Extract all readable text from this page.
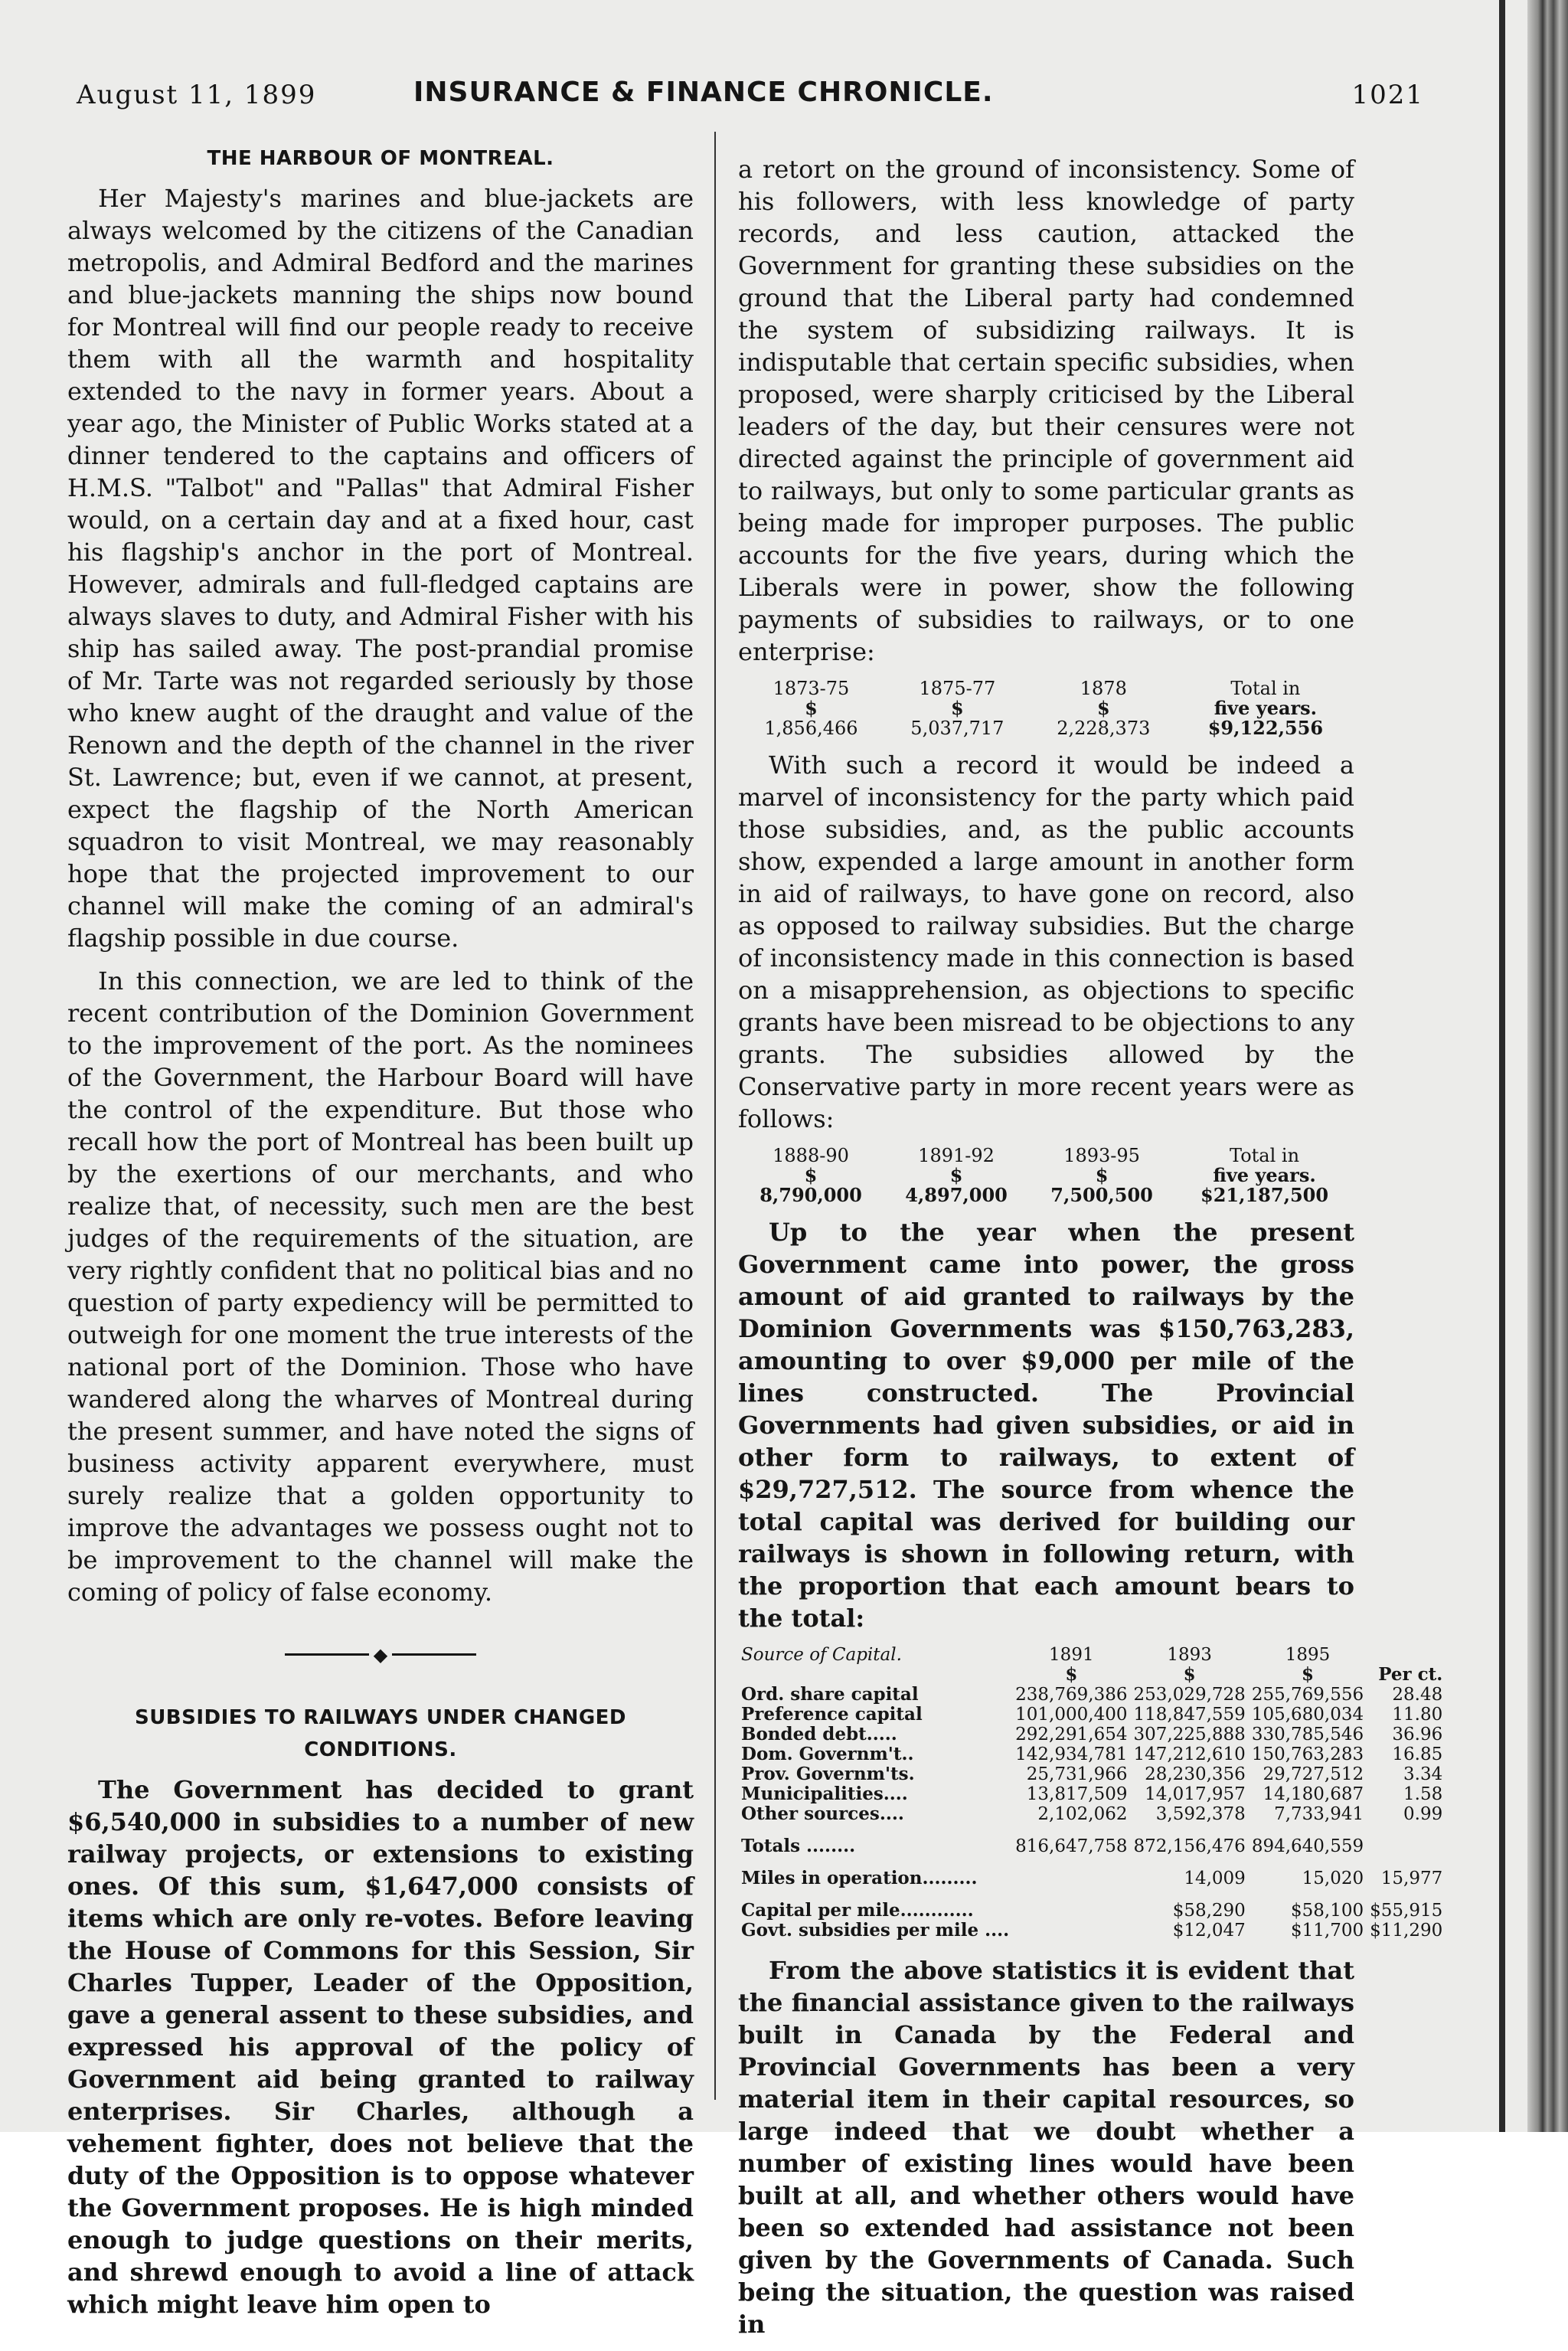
August 11, 1899	INSURANCE & FINANCE CHRONICLE.	1021
THE HARBOUR OF MONTREAL.

Her Majesty's marines and blue-jackets are always welcomed by the citizens of the Canadian metropolis, and Admiral Bedford and the marines and blue-jackets manning the ships now bound for Montreal will find our people ready to receive them with all the warmth and hospitality extended to the navy in former years. About a year ago, the Minister of Public Works stated at a dinner tendered to the captains and officers of H.M.S. "Talbot" and "Pallas" that Admiral Fisher would, on a certain day and at a fixed hour, cast his flagship's anchor in the port of Montreal. However, admirals and full-fledged captains are always slaves to duty, and Admiral Fisher with his ship has sailed away. The post-prandial promise of Mr. Tarte was not regarded seriously by those who knew aught of the draught and value of the Renown and the depth of the channel in the river St. Lawrence; but, even if we cannot, at present, expect the flagship of the North American squadron to visit Montreal, we may reasonably hope that the projected improvement to our channel will make the coming of an admiral's flagship possible in due course.

In this connection, we are led to think of the recent contribution of the Dominion Government to the improvement of the port. As the nominees of the Government, the Harbour Board will have the control of the expenditure. But those who recall how the port of Montreal has been built up by the exertions of our merchants, and who realize that, of necessity, such men are the best judges of the requirements of the situation, are very rightly confident that no political bias and no question of party expediency will be permitted to outweigh for one moment the true interests of the national port of the Dominion. Those who have wandered along the wharves of Montreal during the present summer, and have noted the signs of business activity apparent everywhere, must surely realize that a golden opportunity to improve the advantages we possess ought not to be improvement to the channel will make the coming of policy of false economy.

◆
SUBSIDIES TO RAILWAYS UNDER CHANGED
CONDITIONS.

The Government has decided to grant $6,540,000 in subsidies to a number of new railway projects, or extensions to existing ones. Of this sum, $1,647,000 consists of items which are only re-votes. Before leaving the House of Commons for this Session, Sir Charles Tupper, Leader of the Opposition, gave a general assent to these subsidies, and expressed his approval of the policy of Government aid being granted to railway enterprises. Sir Charles, although a vehement fighter, does not believe that the duty of the Opposition is to oppose whatever the Government proposes. He is high minded enough to judge questions on their merits, and shrewd enough to avoid a line of attack which might leave him open to

a retort on the ground of inconsistency. Some of his followers, with less knowledge of party records, and less caution, attacked the Government for granting these subsidies on the ground that the Liberal party had condemned the system of subsidizing railways. It is indisputable that certain specific subsidies, when proposed, were sharply criticised by the Liberal leaders of the day, but their censures were not directed against the principle of government aid to railways, but only to some particular grants as being made for improper purposes. The public accounts for the five years, during which the Liberals were in power, show the following payments of subsidies to railways, or to one enterprise:

1873-75	1875-77	1878	Total in
$	$	$	five years.
1,856,466	5,037,717	2,228,373	$9,122,556

With such a record it would be indeed a marvel of inconsistency for the party which paid those subsidies, and, as the public accounts show, expended a large amount in another form in aid of railways, to have gone on record, also as opposed to railway subsidies. But the charge of inconsistency made in this connection is based on a misapprehension, as objections to specific grants have been misread to be objections to any grants. The subsidies allowed by the Conservative party in more recent years were as follows:

1888-90	1891-92	1893-95	Total in
$	$	$	five years.
8,790,000	4,897,000	7,500,500	$21,187,500

Up to the year when the present Government came into power, the gross amount of aid granted to railways by the Dominion Governments was $150,763,283, amounting to over $9,000 per mile of the lines constructed. The Provincial Governments had given subsidies, or aid in other form to railways, to extent of $29,727,512. The source from whence the total capital was derived for building our railways is shown in following return, with the proportion that each amount bears to the total:

Source of Capital.	1891	1893	1895	
	$	$	$	Per ct.
Ord. share capital	238,769,386	253,029,728	255,769,556	28.48
Preference capital	101,000,400	118,847,559	105,680,034	11.80
Bonded debt.....	292,291,654	307,225,888	330,785,546	36.96
Dom. Governm't..	142,934,781	147,212,610	150,763,283	16.85
Prov. Governm'ts.	25,731,966	28,230,356	29,727,512	3.34
Municipalities....	13,817,509	14,017,957	14,180,687	1.58
Other sources....	2,102,062	3,592,378	7,733,941	0.99
Totals ........	816,647,758	872,156,476	894,640,559	
Miles in operation.........		14,009	15,020	15,977
Capital per mile............		$58,290	$58,100	$55,915
Govt. subsidies per mile ....		$12,047	$11,700	$11,290

From the above statistics it is evident that the financial assistance given to the railways built in Canada by the Federal and Provincial Governments has been a very material item in their capital resources, so large indeed that we doubt whether a number of existing lines would have been built at all, and whether others would have been so extended had assistance not been given by the Governments of Canada. Such being the situation, the question was raised in
